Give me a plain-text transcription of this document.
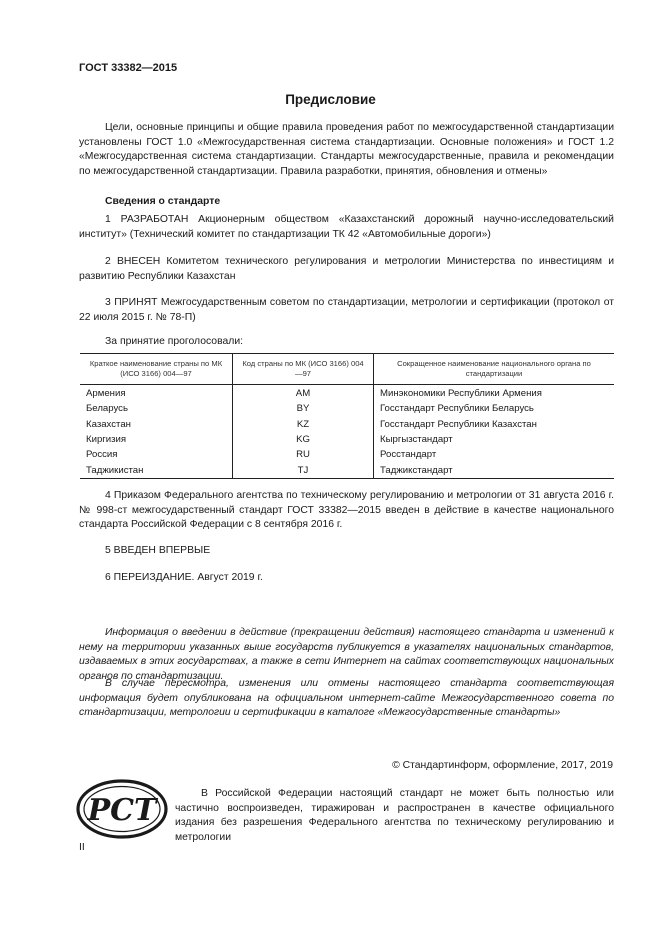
ГОСТ 33382—2015
Предисловие
Цели, основные принципы и общие правила проведения работ по межгосударственной стандартизации установлены ГОСТ 1.0 «Межгосударственная система стандартизации. Основные положения» и ГОСТ 1.2 «Межгосударственная система стандартизации. Стандарты межгосударственные, правила и рекомендации по межгосударственной стандартизации. Правила разработки, принятия, обновления и отмены»
Сведения о стандарте
1 РАЗРАБОТАН Акционерным обществом «Казахстанский дорожный научно-исследовательский институт» (Технический комитет по стандартизации ТК 42 «Автомобильные дороги»)
2 ВНЕСЕН Комитетом технического регулирования и метрологии Министерства по инвестициям и развитию Республики Казахстан
3 ПРИНЯТ Межгосударственным советом по стандартизации, метрологии и сертификации (протокол от 22 июля 2015 г. № 78-П)
За принятие проголосовали:
Краткое наименование страны по МК (ИСО 3166) 004—97	Код страны по МК (ИСО 3166) 004—97	Сокращенное наименование национального органа по стандартизации
Армения	AM	Минэкономики Республики Армения
Беларусь	BY	Госстандарт Республики Беларусь
Казахстан	KZ	Госстандарт Республики Казахстан
Киргизия	KG	Кыргызстандарт
Россия	RU	Росстандарт
Таджикистан	TJ	Таджикстандарт
4 Приказом Федерального агентства по техническому регулированию и метрологии от 31 августа 2016 г. № 998-ст межгосударственный стандарт ГОСТ 33382—2015 введен в действие в качестве национального стандарта Российской Федерации с 8 сентября 2016 г.
5 ВВЕДЕН ВПЕРВЫЕ
6 ПЕРЕИЗДАНИЕ. Август 2019 г.
Информация о введении в действие (прекращении действия) настоящего стандарта и изменений к нему на территории указанных выше государств публикуется в указателях национальных стандартов, издаваемых в этих государствах, а также в сети Интернет на сайтах соответствующих национальных органов по стандартизации.
В случае пересмотра, изменения или отмены настоящего стандарта соответствующая информация будет опубликована на официальном интернет-сайте Межгосударственного совета по стандартизации, метрологии и сертификации в каталоге «Межгосударственные стандарты»
© Стандартинформ, оформление, 2017, 2019
РСТ	В Российской Федерации настоящий стандарт не может быть полностью или частично воспроизведен, тиражирован и распространен в качестве официального издания без разрешения Федерального агентства по техническому регулированию и метрологии
II
